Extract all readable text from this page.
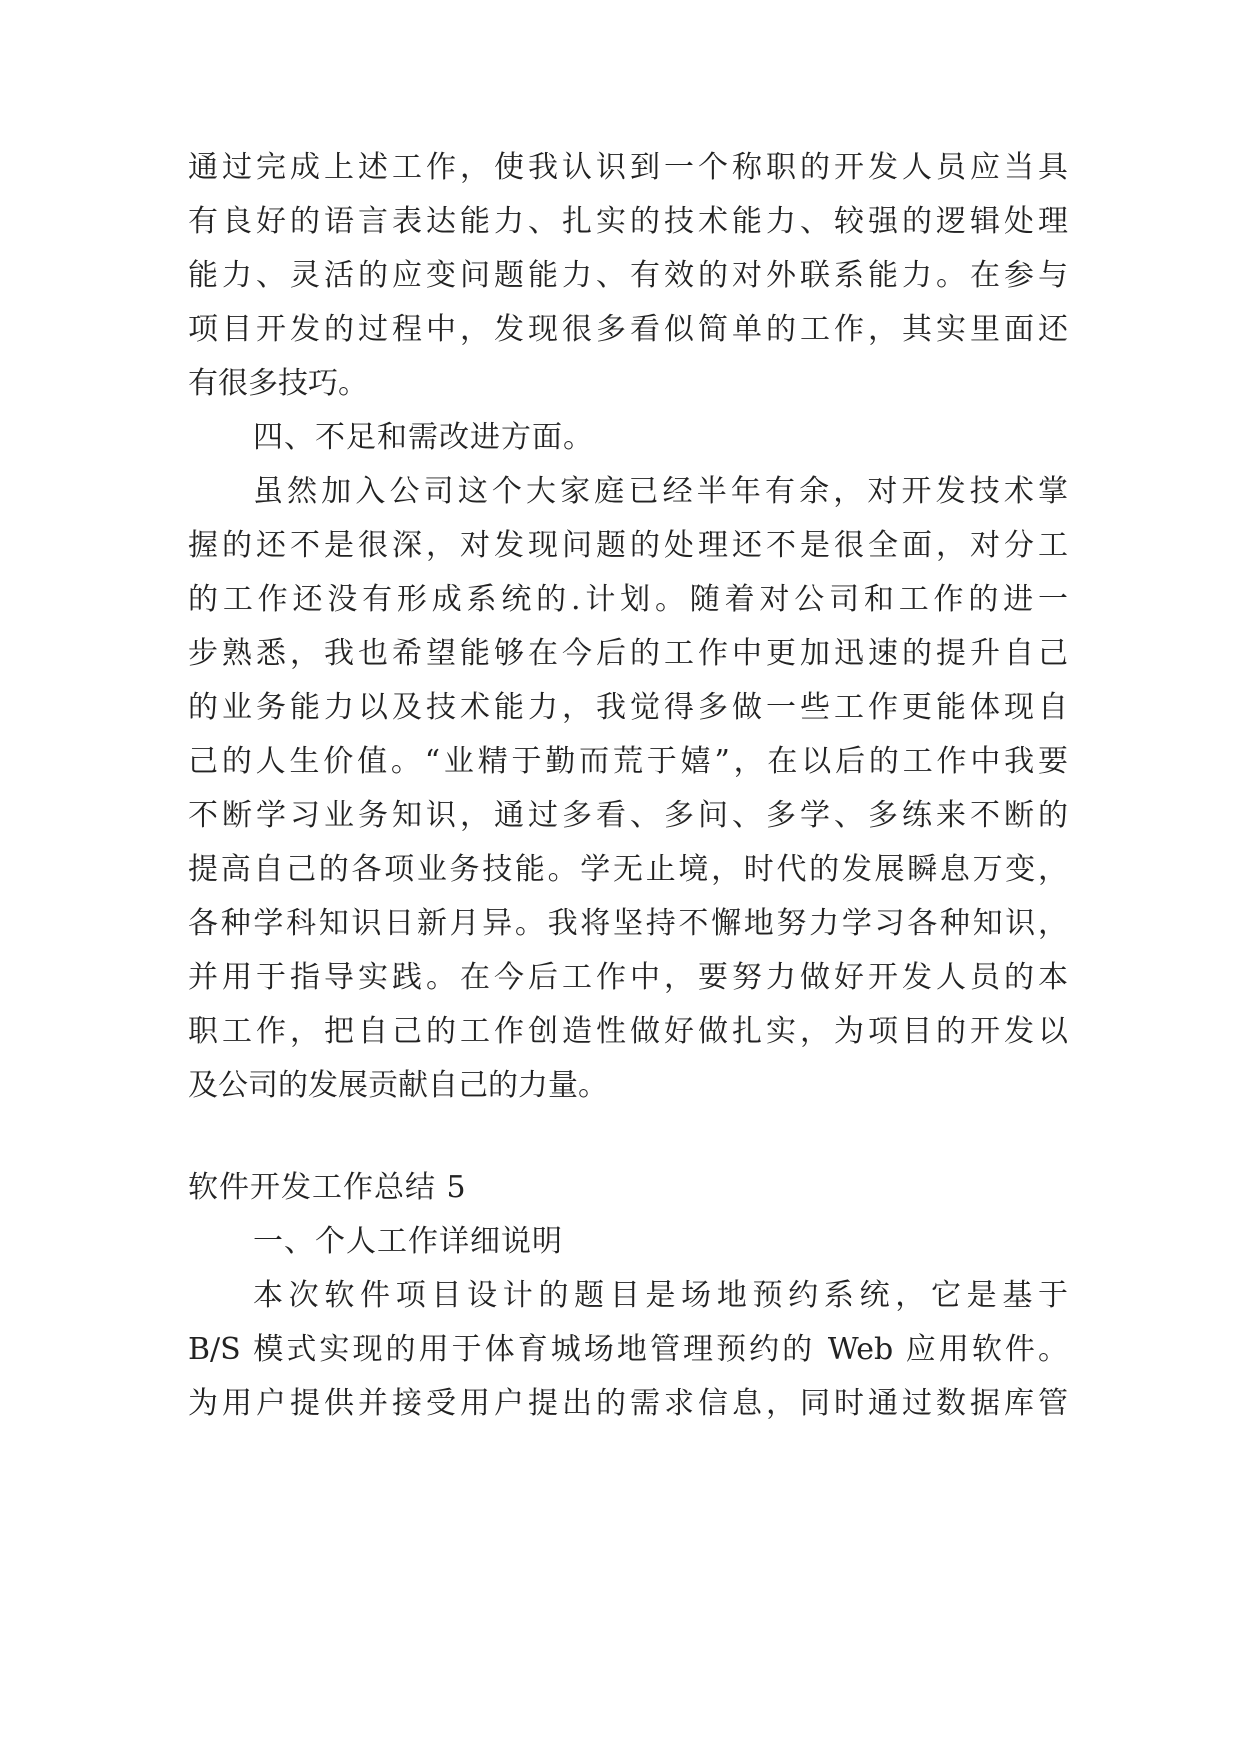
通过完成上述工作，使我认识到一个称职的开发人员应当具
有良好的语言表达能力、扎实的技术能力、较强的逻辑处理
能力、灵活的应变问题能力、有效的对外联系能力。在参与
项目开发的过程中，发现很多看似简单的工作，其实里面还
有很多技巧。
四、不足和需改进方面。
虽然加入公司这个大家庭已经半年有余，对开发技术掌
握的还不是很深，对发现问题的处理还不是很全面，对分工
的工作还没有形成系统的.计划。随着对公司和工作的进一
步熟悉，我也希望能够在今后的工作中更加迅速的提升自己
的业务能力以及技术能力，我觉得多做一些工作更能体现自
己的人生价值。“业精于勤而荒于嬉”，在以后的工作中我要
不断学习业务知识，通过多看、多问、多学、多练来不断的
提高自己的各项业务技能。学无止境，时代的发展瞬息万变，
各种学科知识日新月异。我将坚持不懈地努力学习各种知识，
并用于指导实践。在今后工作中，要努力做好开发人员的本
职工作，把自己的工作创造性做好做扎实，为项目的开发以
及公司的发展贡献自己的力量。
软件开发工作总结 5
一、个人工作详细说明
本次软件项目设计的题目是场地预约系统，它是基于
B/S 模式实现的用于体育城场地管理预约的 Web 应用软件。
为用户提供并接受用户提出的需求信息，同时通过数据库管
